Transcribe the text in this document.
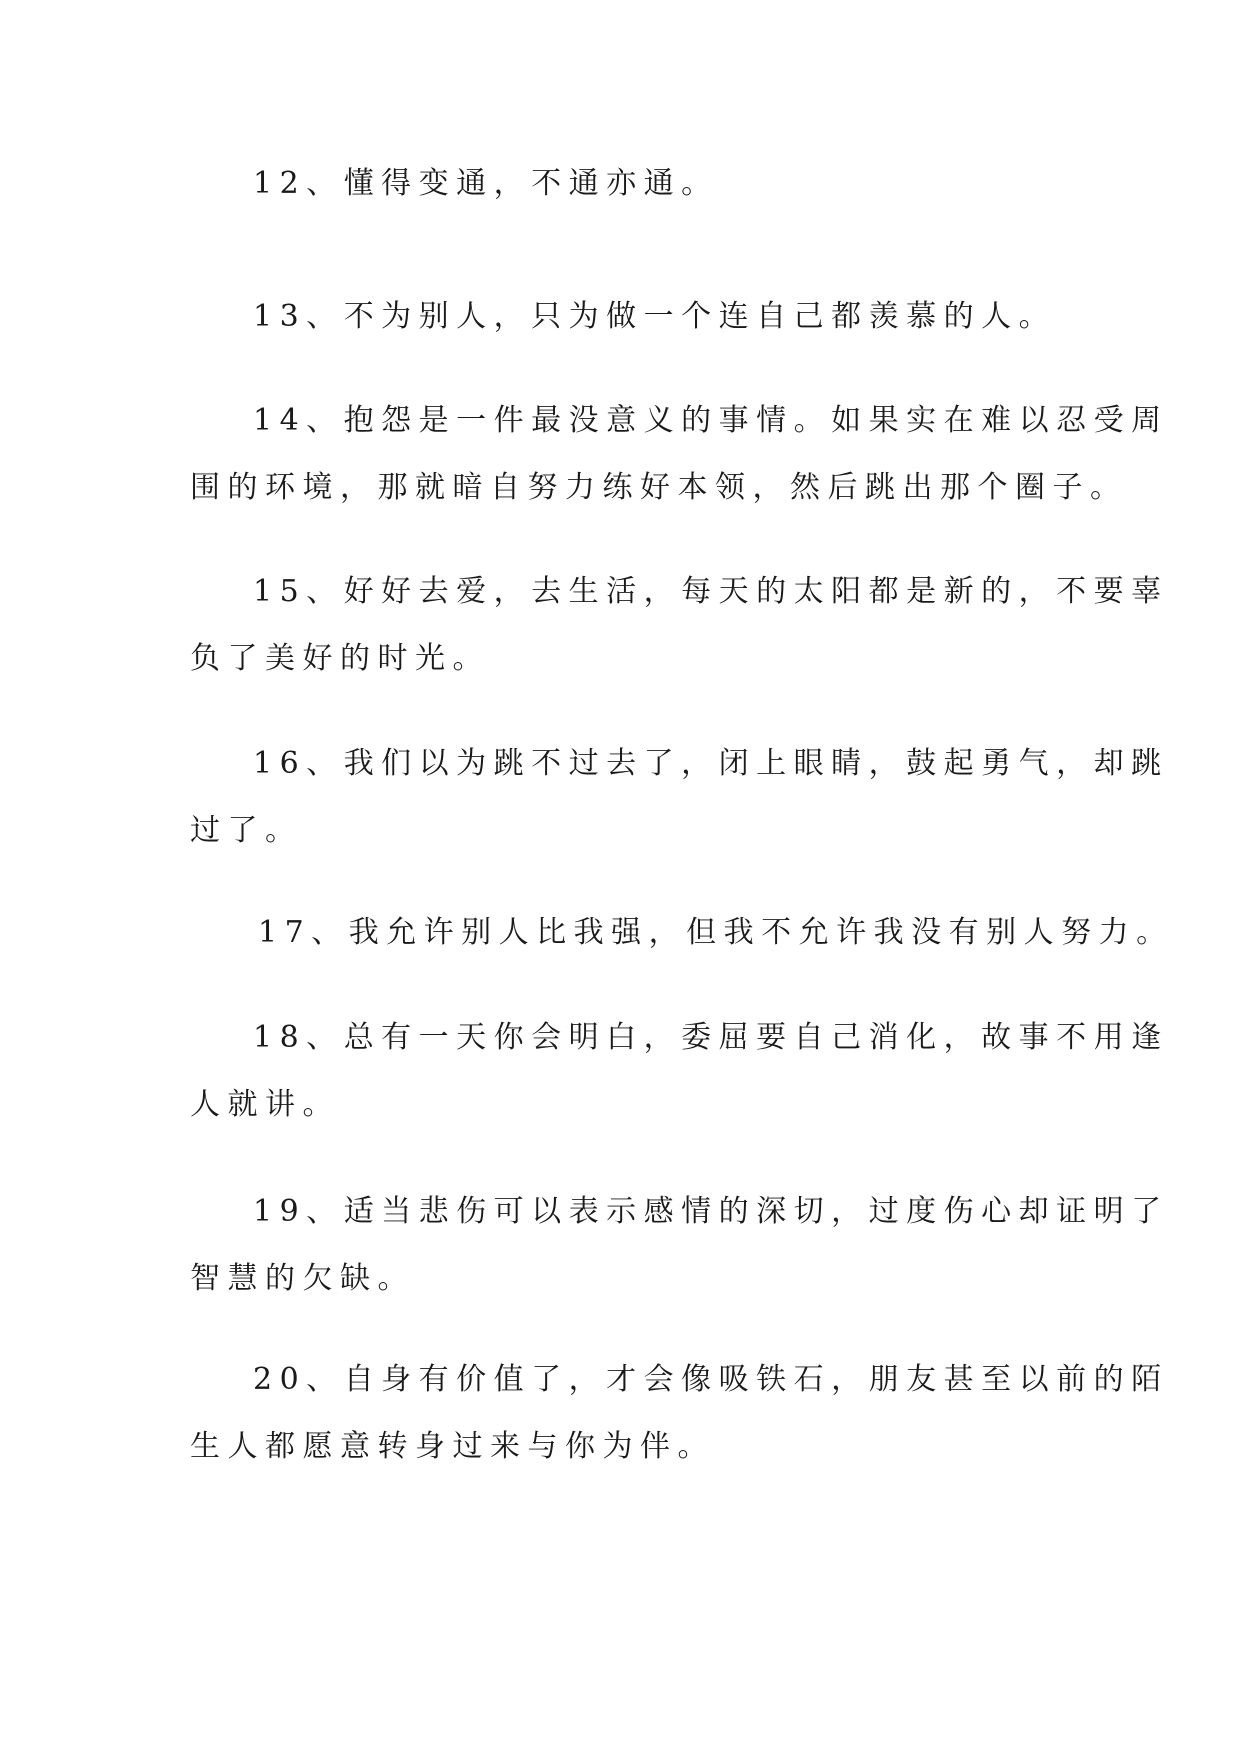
12、懂得变通，不通亦通。

13、不为别人，只为做一个连自己都羡慕的人。

14、抱怨是一件最没意义的事情。如果实在难以忍受周
围的环境，那就暗自努力练好本领，然后跳出那个圈子。

15、好好去爱，去生活，每天的太阳都是新的，不要辜
负了美好的时光。

16、我们以为跳不过去了，闭上眼睛，鼓起勇气，却跳
过了。

17、我允许别人比我强，但我不允许我没有别人努力。

18、总有一天你会明白，委屈要自己消化，故事不用逢
人就讲。

19、适当悲伤可以表示感情的深切，过度伤心却证明了
智慧的欠缺。

20、自身有价值了，才会像吸铁石，朋友甚至以前的陌
生人都愿意转身过来与你为伴。
